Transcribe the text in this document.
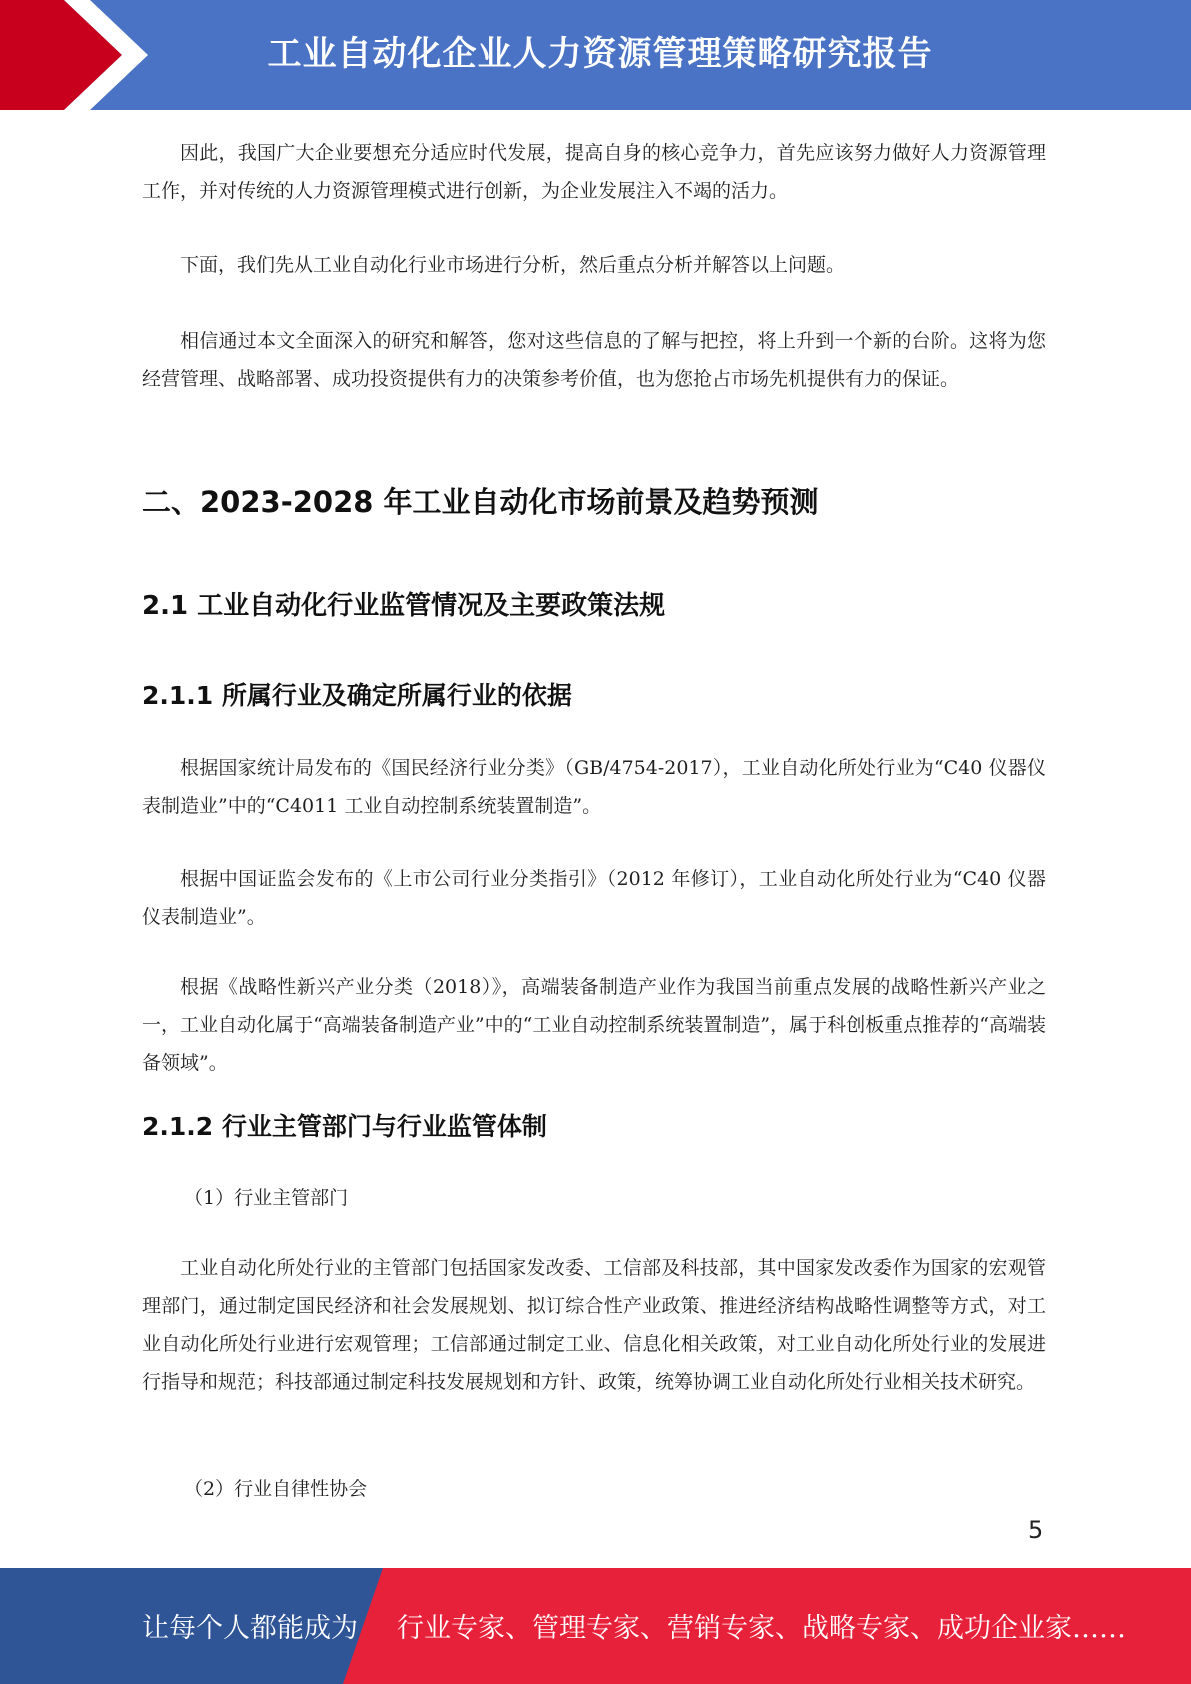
工业自动化企业人力资源管理策略研究报告

因此，我国广大企业要想充分适应时代发展，提高自身的核心竞争力，首先应该努力做好人力资源管理工作，并对传统的人力资源管理模式进行创新，为企业发展注入不竭的活力。

下面，我们先从工业自动化行业市场进行分析，然后重点分析并解答以上问题。

相信通过本文全面深入的研究和解答，您对这些信息的了解与把控，将上升到一个新的台阶。这将为您经营管理、战略部署、成功投资提供有力的决策参考价值，也为您抢占市场先机提供有力的保证。

二、2023-2028 年工业自动化市场前景及趋势预测
2.1 工业自动化行业监管情况及主要政策法规
2.1.1 所属行业及确定所属行业的依据

根据国家统计局发布的《国民经济行业分类》（GB/4754-2017），工业自动化所处行业为“C40 仪器仪表制造业”中的“C4011 工业自动控制系统装置制造”。

根据中国证监会发布的《上市公司行业分类指引》（2012 年修订），工业自动化所处行业为“C40 仪器仪表制造业”。

根据《战略性新兴产业分类（2018）》，高端装备制造产业作为我国当前重点发展的战略性新兴产业之一，工业自动化属于“高端装备制造产业”中的“工业自动控制系统装置制造”，属于科创板重点推荐的“高端装备领域”。

2.1.2 行业主管部门与行业监管体制

（1）行业主管部门

工业自动化所处行业的主管部门包括国家发改委、工信部及科技部，其中国家发改委作为国家的宏观管理部门，通过制定国民经济和社会发展规划、拟订综合性产业政策、推进经济结构战略性调整等方式，对工业自动化所处行业进行宏观管理；工信部通过制定工业、信息化相关政策，对工业自动化所处行业的发展进行指导和规范；科技部通过制定科技发展规划和方针、政策，统筹协调工业自动化所处行业相关技术研究。

（2）行业自律性协会

5
让每个人都能成为 行业专家、管理专家、营销专家、战略专家、成功企业家……
